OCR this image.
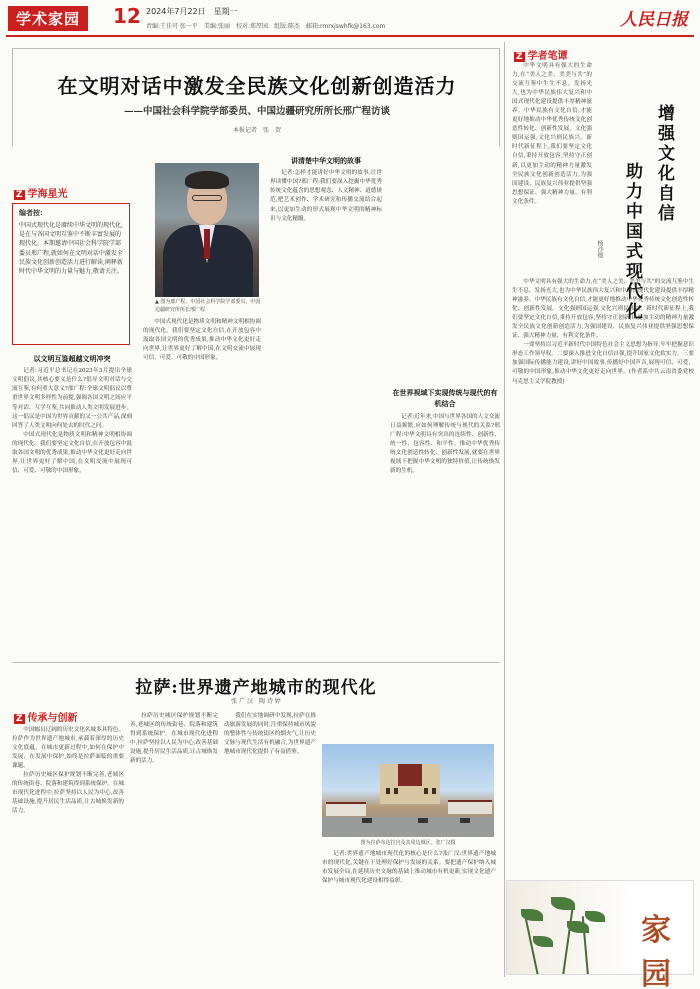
学术家园	12 2024年7月22日　星期一
责编:王佳可 张一平　美编:张丽　校对:郑厚园　组版:陈杰　邮箱:rmrxjswhfk@163.com	人民日报
在文明对话中激发全民族文化创新创造活力
——中国社会科学院学部委员、中国边疆研究所所长邢广程访谈
本报记者　张　贺
Z 学海星光
编者按:
中国式现代化是赓续中华文明的现代化,是在与各国文明互鉴中不断丰富发展的现代化。本期邀请中国社会科学院学部委员邢广程,就如何在文明对话中激发全民族文化创新创造活力进行解读,阐释新时代中华文明的力量与魅力,敬请关注。
▲ 图为邢广程。中国社会科学院学部委员、中国边疆研究所所长邢广程
以文明互鉴超越文明冲突

记者:习近平总书记在2023年3月提出全球文明倡议,其核心要义是什么?倡导文明对话与交流互鉴,有何重大意义?邢广程:全球文明倡议以尊重世界文明多样性为前提,强调各国文明之间应平等对话、互学互鉴,共同推动人类文明发展进步。这一倡议是中国为世界贡献的又一公共产品,深刻回答了人类文明向何处去的时代之问。

中国式现代化是物质文明和精神文明相协调的现代化。我们要坚定文化自信,在开放包容中汲取各国文明的优秀成果,推动中华文化更好走向世界,让世界更好了解中国,在文明交流中展现可信、可爱、可敬的中国形象。

中国式现代化是物质文明和精神文明相协调的现代化。我们要坚定文化自信,在开放包容中汲取各国文明的优秀成果,推动中华文化更好走向世界,让世界更好了解中国,在文明交流中展现可信、可爱、可敬的中国形象。

讲清楚中华文明的故事

记者:怎样才能讲好中华文明的故事,让世界读懂中国?邢广程:我们要深入挖掘中华优秀传统文化蕴含的思想观念、人文精神、道德规范,把艺术创作、学术研究和传播交流结合起来,以更加生动的形式展现中华文明的精神标识与文化精髓。

在世界视域下实现传统与现代的有机结合

记者:近年来,中国与世界各国的人文交流日益频繁,应如何理解传统与现代的关系?邢广程:中华文明具有突出的连续性、创新性、统一性、包容性、和平性。推动中华优秀传统文化创造性转化、创新性发展,就要在世界视域下把握中华文明的独特价值,让传统焕发新的生机。

Z 学者笔谭
增强文化自信
助力中国式现代化
杨沙德

中华文明具有强大的生命力,在“美人之美、美美与共”的交流互鉴中生生不息。发扬光大,也为中华民族伟大复兴和中国式现代化建设提供丰厚精神滋养。中华民族有文化自信,才能更好地推动中华优秀传统文化创造性转化、创新性发展。文化强则国运强,文化兴则民族兴。新时代新征程上,我们要坚定文化自信,秉持开放包容,坚持守正创新,以更加主动的精神力量激发全民族文化创新创造活力,为强国建设、民族复兴伟业提供坚强思想保证、强大精神力量、有利文化条件。

中华文明具有强大的生命力,在“美人之美、美美与共”的交流互鉴中生生不息。发扬光大,也为中华民族伟大复兴和中国式现代化建设提供丰厚精神滋养。中华民族有文化自信,才能更好地推动中华优秀传统文化创造性转化、创新性发展。文化强则国运强,文化兴则民族兴。新时代新征程上,我们要坚定文化自信,秉持开放包容,坚持守正创新,以更加主动的精神力量激发全民族文化创新创造活力,为强国建设、民族复兴伟业提供坚强思想保证、强大精神力量、有利文化条件。

一要坚持以习近平新时代中国特色社会主义思想为指导,牢牢把握意识形态工作领导权。二要深入推进文化自信自强,提升国家文化软实力。三要加强国际传播能力建设,讲好中国故事,传播好中国声音,展现可信、可爱、可敬的中国形象,推动中华文化更好走向世界。(作者系中共云南省委党校马克思主义学院教授)

家园
拉萨:世界遗产地城市的现代化
张 广 汉　陶 诗 婷
Z 传承与创新

中国幅员辽阔的历史文化名城多具特色。拉萨作为世界遗产地城市,承载着深厚的历史文化底蕴。在城市更新过程中,如何在保护中发展、在发展中保护,始终是拉萨面临的重要课题。

拉萨历史城区保护规划不断完善,老城区的传统街巷、院落和建筑得到系统保护。在城市现代化进程中,拉萨坚持以人民为中心,改善基础设施,提升居民生活品质,让古城焕发新的活力。

拉萨历史城区保护规划不断完善,老城区的传统街巷、院落和建筑得到系统保护。在城市现代化进程中,拉萨坚持以人民为中心,改善基础设施,提升居民生活品质,让古城焕发新的活力。

我们在实地调研中发现,拉萨在推动旅游发展的同时,注重保持城市风貌的整体性与传统街区的烟火气,让历史文脉与现代生活有机融合,为世界遗产地城市现代化提供了有益借鉴。

图为拉萨布达拉宫及其周边城区。张广汉摄

记者:世界遗产地城市现代化的核心是什么?张广汉:世界遗产地城市的现代化,关键在于处理好保护与发展的关系。要把遗产保护纳入城市发展全局,在延续历史文脉的基础上推动城市有机更新,实现文化遗产保护与城市现代化建设相得益彰。
